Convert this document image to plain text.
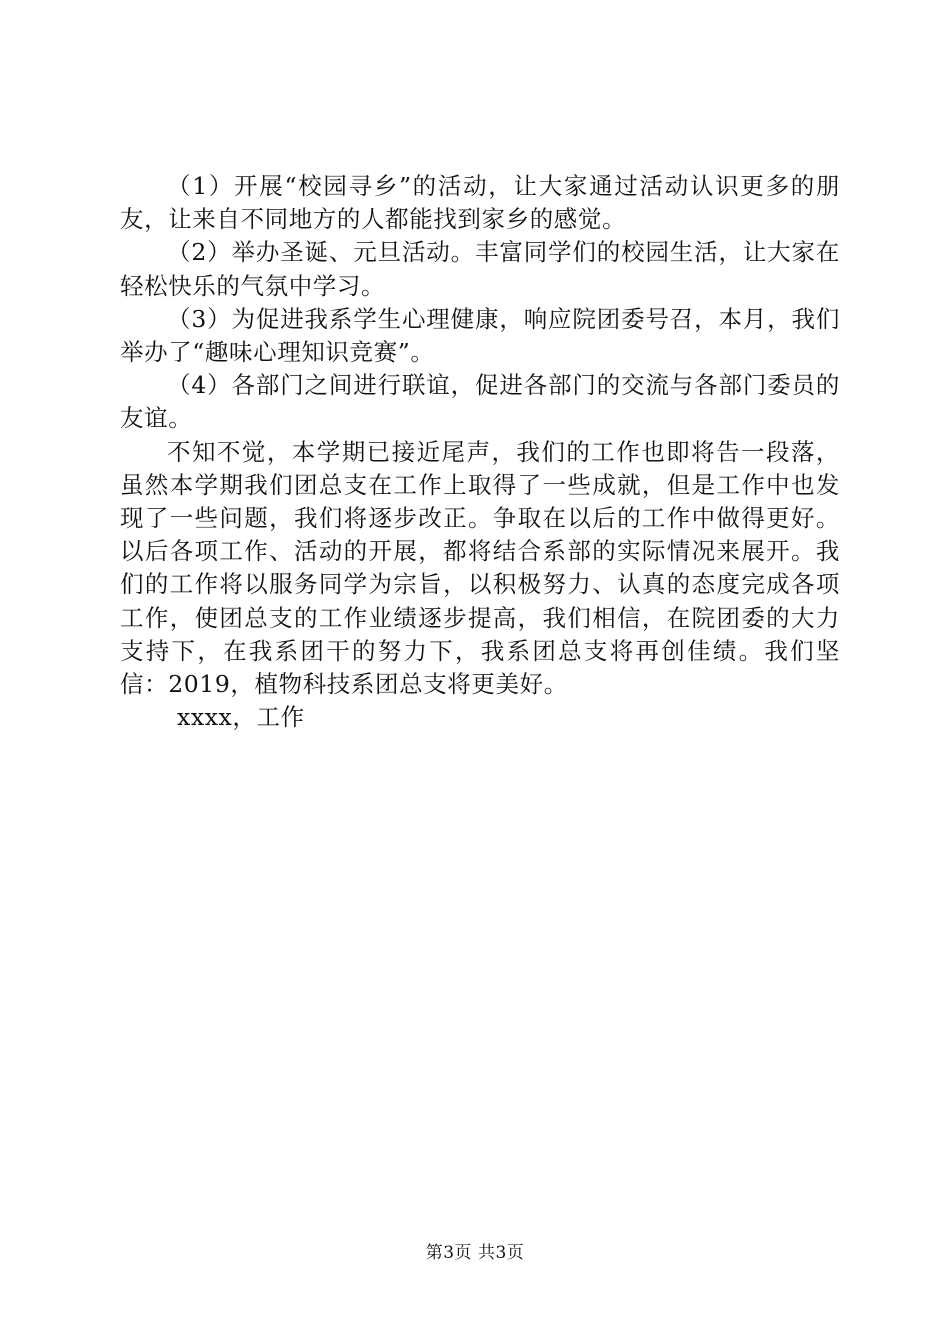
（1）开展“校园寻乡”的活动，让大家通过活动认识更多的朋友，让来自不同地方的人都能找到家乡的感觉。

（2）举办圣诞、元旦活动。丰富同学们的校园生活，让大家在轻松快乐的气氛中学习。

（3）为促进我系学生心理健康，响应院团委号召，本月，我们举办了“趣味心理知识竞赛”。

（4）各部门之间进行联谊，促进各部门的交流与各部门委员的友谊。

不知不觉，本学期已接近尾声，我们的工作也即将告一段落，虽然本学期我们团总支在工作上取得了一些成就，但是工作中也发现了一些问题，我们将逐步改正。争取在以后的工作中做得更好。以后各项工作、活动的开展，都将结合系部的实际情况来展开。我们的工作将以服务同学为宗旨，以积极努力、认真的态度完成各项工作，使团总支的工作业绩逐步提高，我们相信，在院团委的大力支持下，在我系团干的努力下，我系团总支将再创佳绩。我们坚信：2019，植物科技系团总支将更美好。

xxxx，工作

第3页 共3页
